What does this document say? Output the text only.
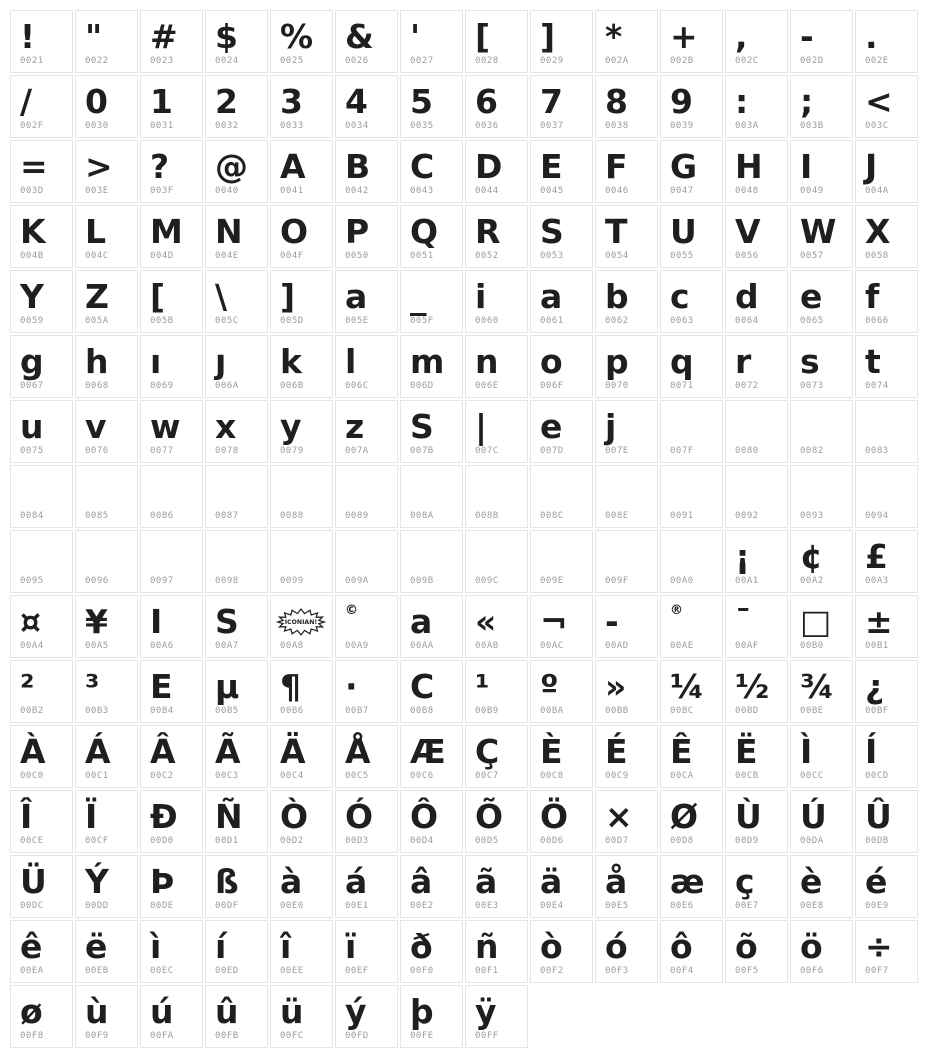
!
0021
"
0022
#
0023
$
0024
%
0025
&
0026
'
0027
[
0028
]
0029
*
002A
+
002B
,
002C
-
002D
.
002E
/
002F
0
0030
1
0031
2
0032
3
0033
4
0034
5
0035
6
0036
7
0037
8
0038
9
0039
:
003A
;
003B
<
003C
=
003D
>
003E
?
003F
@
0040
A
0041
B
0042
C
0043
D
0044
E
0045
F
0046
G
0047
H
0048
I
0049
J
004A
K
004B
L
004C
M
004D
N
004E
O
004F
P
0050
Q
0051
R
0052
S
0053
T
0054
U
0055
V
0056
W
0057
X
0058
Y
0059
Z
005A
[
005B
\
005C
]
005D
a
005E
_
005F
i
0060
a
0061
b
0062
c
0063
d
0064
e
0065
f
0066
g
0067
h
0068
ı
0069
ȷ
006A
k
006B
l
006C
m
006D
n
006E
o
006F
p
0070
q
0071
r
0072
s
0073
t
0074
u
0075
v
0076
w
0077
x
0078
y
0079
z
007A
S
007B
|
007C
e
007D
j
007E	007F	0080	0082	0083
0084	0085	0086	0087	0088	0089	008A	008B	008C	008E	0091	0092	0093	0094
0095	0096	0097	0098	0099	009A	009B	009C	009E	009F	00A0
¡
00A1
¢
00A2
£
00A3
¤
00A4
¥
00A5
I
00A6
S
00A7
ICONIAN!
00A8
©
00A9
a
00AA
«
00AB
¬
00AC
-
00AD
®
00AE
¯
00AF
□
00B0
±
00B1
²
00B2
³
00B3
E
00B4
µ
00B5
¶
00B6
·
00B7
C
00B8
¹
00B9
º
00BA
»
00BB
¼
00BC
½
00BD
¾
00BE
¿
00BF
À
00C0
Á
00C1
Â
00C2
Ã
00C3
Ä
00C4
Å
00C5
Æ
00C6
Ç
00C7
È
00C8
É
00C9
Ê
00CA
Ë
00CB
Ì
00CC
Í
00CD
Î
00CE
Ï
00CF
Ð
00D0
Ñ
00D1
Ò
00D2
Ó
00D3
Ô
00D4
Õ
00D5
Ö
00D6
×
00D7
Ø
00D8
Ù
00D9
Ú
00DA
Û
00DB
Ü
00DC
Ý
00DD
Þ
00DE
ß
00DF
à
00E0
á
00E1
â
00E2
ã
00E3
ä
00E4
å
00E5
æ
00E6
ç
00E7
è
00E8
é
00E9
ê
00EA
ë
00EB
ì
00EC
í
00ED
î
00EE
ï
00EF
ð
00F0
ñ
00F1
ò
00F2
ó
00F3
ô
00F4
õ
00F5
ö
00F6
÷
00F7
ø
00F8
ù
00F9
ú
00FA
û
00FB
ü
00FC
ý
00FD
þ
00FE
ÿ
00FF
